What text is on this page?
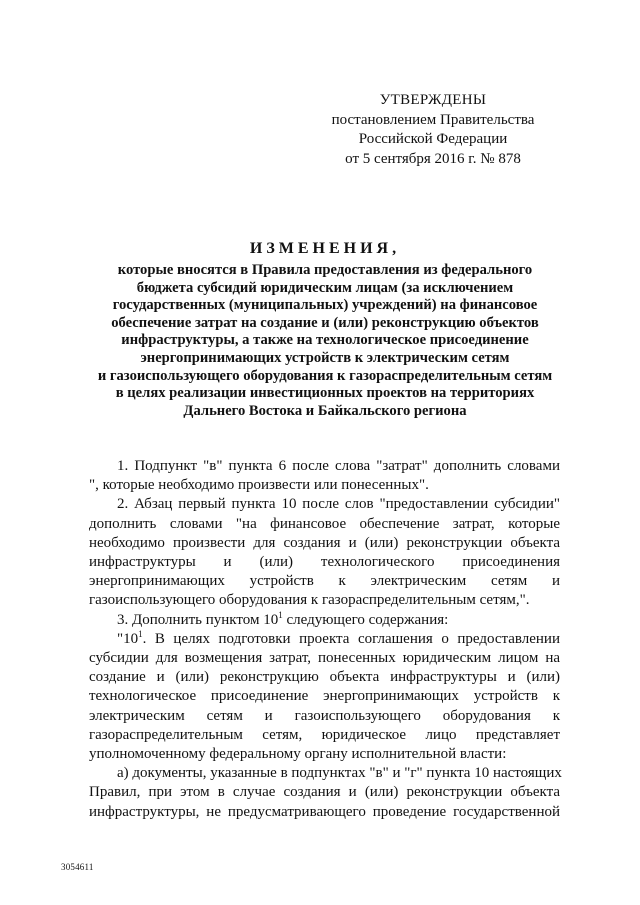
УТВЕРЖДЕНЫ
постановлением Правительства
Российской Федерации
от 5 сентября 2016 г. № 878
ИЗМЕНЕНИЯ,
которые вносятся в Правила предоставления из федерального
бюджета субсидий юридическим лицам (за исключением
государственных (муниципальных) учреждений) на финансовое
обеспечение затрат на создание и (или) реконструкцию объектов
инфраструктуры, а также на технологическое присоединение
энергопринимающих устройств к электрическим сетям
и газоиспользующего оборудования к газораспределительным сетям
в целях реализации инвестиционных проектов на территориях
Дальнего Востока и Байкальского региона
1. Подпункт "в" пункта 6 после слова "затрат" дополнить словами
", которые необходимо произвести или понесенных".
2. Абзац первый пункта 10 после слов "предоставлении субсидии"
дополнить словами "на финансовое обеспечение затрат, которые
необходимо произвести для создания и (или) реконструкции объекта
инфраструктуры и (или) технологического присоединения
энергопринимающих устройств к электрическим сетям и
газоиспользующего оборудования к газораспределительным сетям,".
3. Дополнить пунктом $10^1$ следующего содержания:
"$10^1$. В целях подготовки проекта соглашения о предоставлении
субсидии для возмещения затрат, понесенных юридическим лицом на
создание и (или) реконструкцию объекта инфраструктуры и (или)
технологическое присоединение энергопринимающих устройств к
электрическим сетям и газоиспользующего оборудования к
газораспределительным сетям, юридическое лицо представляет
уполномоченному федеральному органу исполнительной власти:
а) документы, указанные в подпунктах "в" и "г" пункта 10 настоящих
Правил, при этом в случае создания и (или) реконструкции объекта
инфраструктуры, не предусматривающего проведение государственной
3054611
